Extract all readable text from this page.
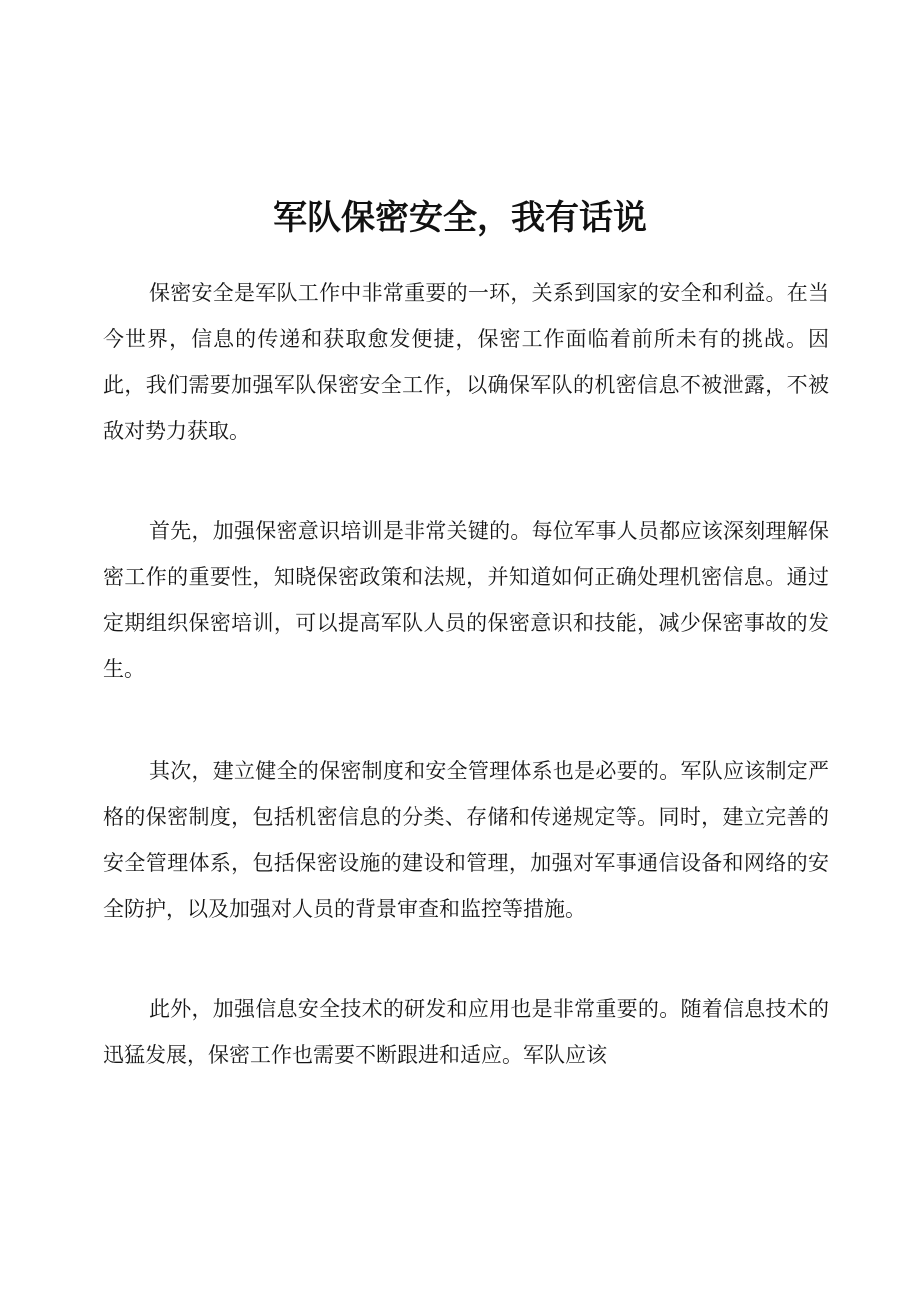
军队保密安全，我有话说

保密安全是军队工作中非常重要的一环，关系到国家的安全和利益。在当今世界，信息的传递和获取愈发便捷，保密工作面临着前所未有的挑战。因此，我们需要加强军队保密安全工作，以确保军队的机密信息不被泄露，不被敌对势力获取。

首先，加强保密意识培训是非常关键的。每位军事人员都应该深刻理解保密工作的重要性，知晓保密政策和法规，并知道如何正确处理机密信息。通过定期组织保密培训，可以提高军队人员的保密意识和技能，减少保密事故的发生。

其次，建立健全的保密制度和安全管理体系也是必要的。军队应该制定严格的保密制度，包括机密信息的分类、存储和传递规定等。同时，建立完善的安全管理体系，包括保密设施的建设和管理，加强对军事通信设备和网络的安全防护，以及加强对人员的背景审查和监控等措施。

此外，加强信息安全技术的研发和应用也是非常重要的。随着信息技术的迅猛发展，保密工作也需要不断跟进和适应。军队应该
